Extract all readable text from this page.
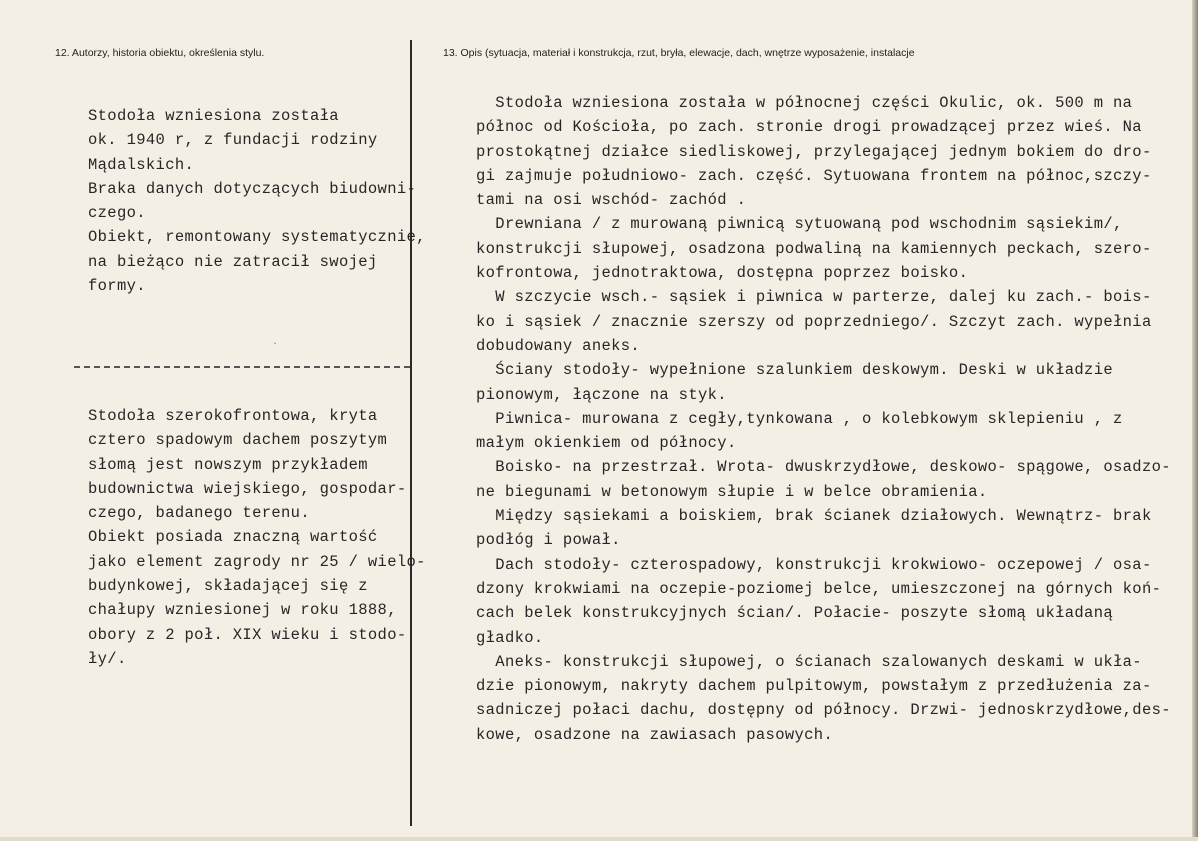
12. Autorzy, historia obiektu, określenia stylu.	13. Opis (sytuacja, materiał i konstrukcja, rzut, bryła, elewacje, dach, wnętrze wyposażenie, instalacje
Stodoła wzniesiona została
ok. 1940 r, z fundacji rodziny
Mądalskich.
Braka danych dotyczących biudowni-
czego.
Obiekt, remontowany systematycznie,
na bieżąco nie zatracił swojej
formy.
`
Stodoła szerokofrontowa, kryta
cztero spadowym dachem poszytym
słomą jest nowszym przykładem
budownictwa wiejskiego, gospodar-
czego, badanego terenu.
Obiekt posiada znaczną wartość
jako element zagrody nr 25 / wielo-
budynkowej, składającej się z
chałupy wzniesionej w roku 1888,
obory z 2 poł. XIX wieku i stodo-
ły/.
Stodoła wzniesiona została w północnej części Okulic, ok. 500 m na
północ od Kościoła, po zach. stronie drogi prowadzącej przez wieś. Na
prostokątnej działce siedliskowej, przylegającej jednym bokiem do dro-
gi zajmuje południowo- zach. część. Sytuowana frontem na północ,szczy-
tami na osi wschód- zachód .
Drewniana / z murowaną piwnicą sytuowaną pod wschodnim sąsiekim/,
konstrukcji słupowej, osadzona podwaliną na kamiennych peckach, szero-
kofrontowa, jednotraktowa, dostępna poprzez boisko.
W szczycie wsch.- sąsiek i piwnica w parterze, dalej ku zach.- bois-
ko i sąsiek / znacznie szerszy od poprzedniego/. Szczyt zach. wypełnia
dobudowany aneks.
Ściany stodoły- wypełnione szalunkiem deskowym. Deski w układzie
pionowym, łączone na styk.
Piwnica- murowana z cegły,tynkowana , o kolebkowym sklepieniu , z
małym okienkiem od północy.
Boisko- na przestrzał. Wrota- dwuskrzydłowe, deskowo- spągowe, osadzo-
ne biegunami w betonowym słupie i w belce obramienia.
Między sąsiekami a boiskiem, brak ścianek działowych. Wewnątrz- brak
podłóg i pował.
Dach stodoły- czterospadowy, konstrukcji krokwiowo- oczepowej / osa-
dzony krokwiami na oczepie-poziomej belce, umieszczonej na górnych koń-
cach belek konstrukcyjnych ścian/. Połacie- poszyte słomą układaną
gładko.
Aneks- konstrukcji słupowej, o ścianach szalowanych deskami w ukła-
dzie pionowym, nakryty dachem pulpitowym, powstałym z przedłużenia za-
sadniczej połaci dachu, dostępny od północy. Drzwi- jednoskrzydłowe,des-
kowe, osadzone na zawiasach pasowych.
